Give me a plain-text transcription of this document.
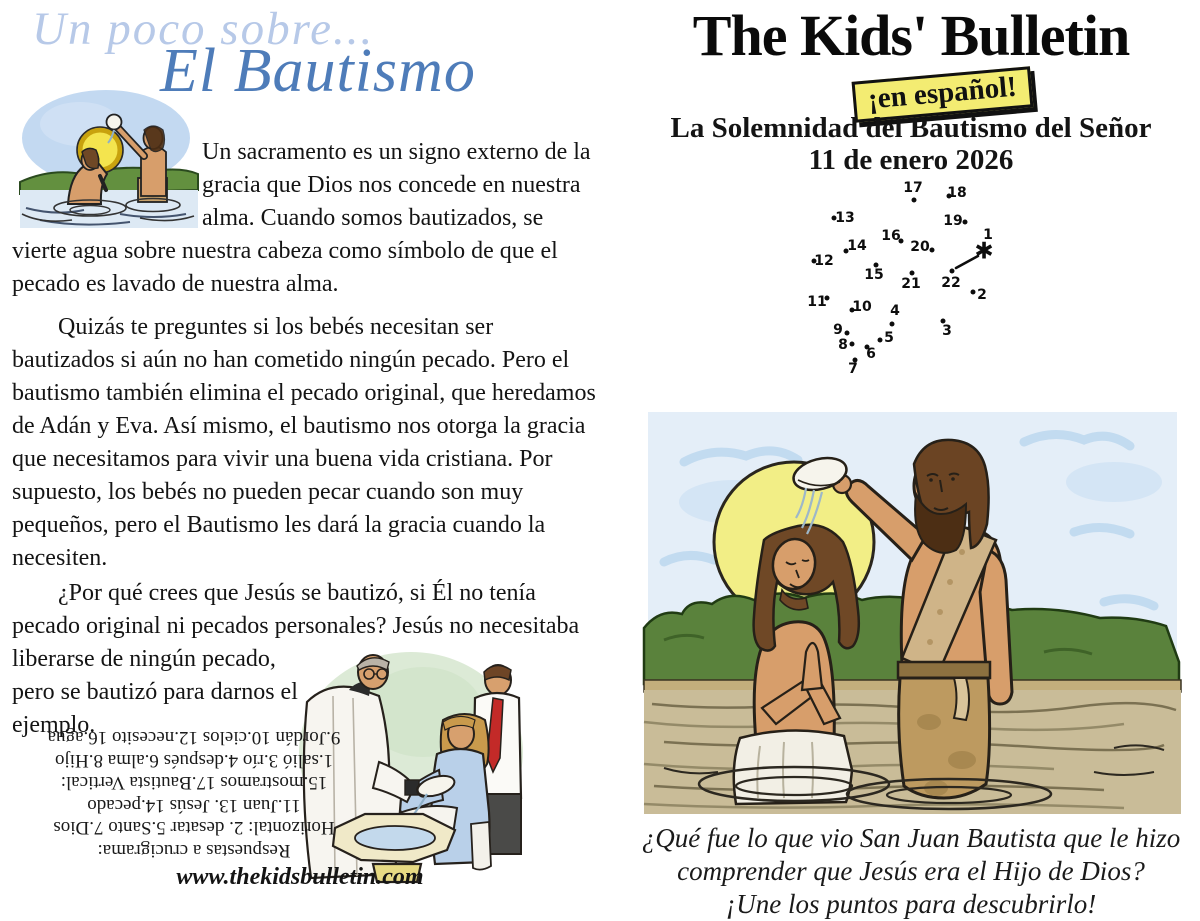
Un poco sobre...
El Bautismo

Un sacramento es un signo externo de la gracia que Dios nos concede en nuestra alma. Cuando somos bautizados, se vierte agua sobre nuestra cabeza como símbolo de que el pecado es lavado de nuestra alma.

Quizás te preguntes si los bebés necesitan ser bautizados si aún no han cometido ningún pecado. Pero el bautismo también elimina el pecado original, que heredamos de Adán y Eva. Así mismo, el bautismo nos otorga la gracia que necesitamos para vivir una buena vida cristiana. Por supuesto, los bebés no pueden pecar cuando son muy pequeños, pero el Bautismo les dará la gracia cuando la necesiten.

¿Por qué crees que Jesús se bautizó, si Él no tenía pecado original ni pecados personales? Jesús no necesitaba liberarse de ningún pecado, pero se bautizó para darnos el ejemplo.

Respuestas a crucigrama:
Horizontal: 2. desatar 5.Santo 7.Dios
11.Juan 13. Jesús 14.pecado
15.mostramos 17.Bautista Vertical:
1.salió 3.río 4.después 6.alma 8.Hijo
9.Jordán 10.cielos 12.necesito 16.agua
www.thekidsbulletin.com
The Kids' Bulletin
¡en español!
La Solemnidad del Bautismo del Señor
11 de enero 2026
✱
1
2
3
4
5
6
7
8
9
10
11
12
13
14
15
16
17 18
19
20
21 22
¿Qué fue lo que vio San Juan Bautista que le hizo
comprender que Jesús era el Hijo de Dios?
¡Une los puntos para descubrirlo!
